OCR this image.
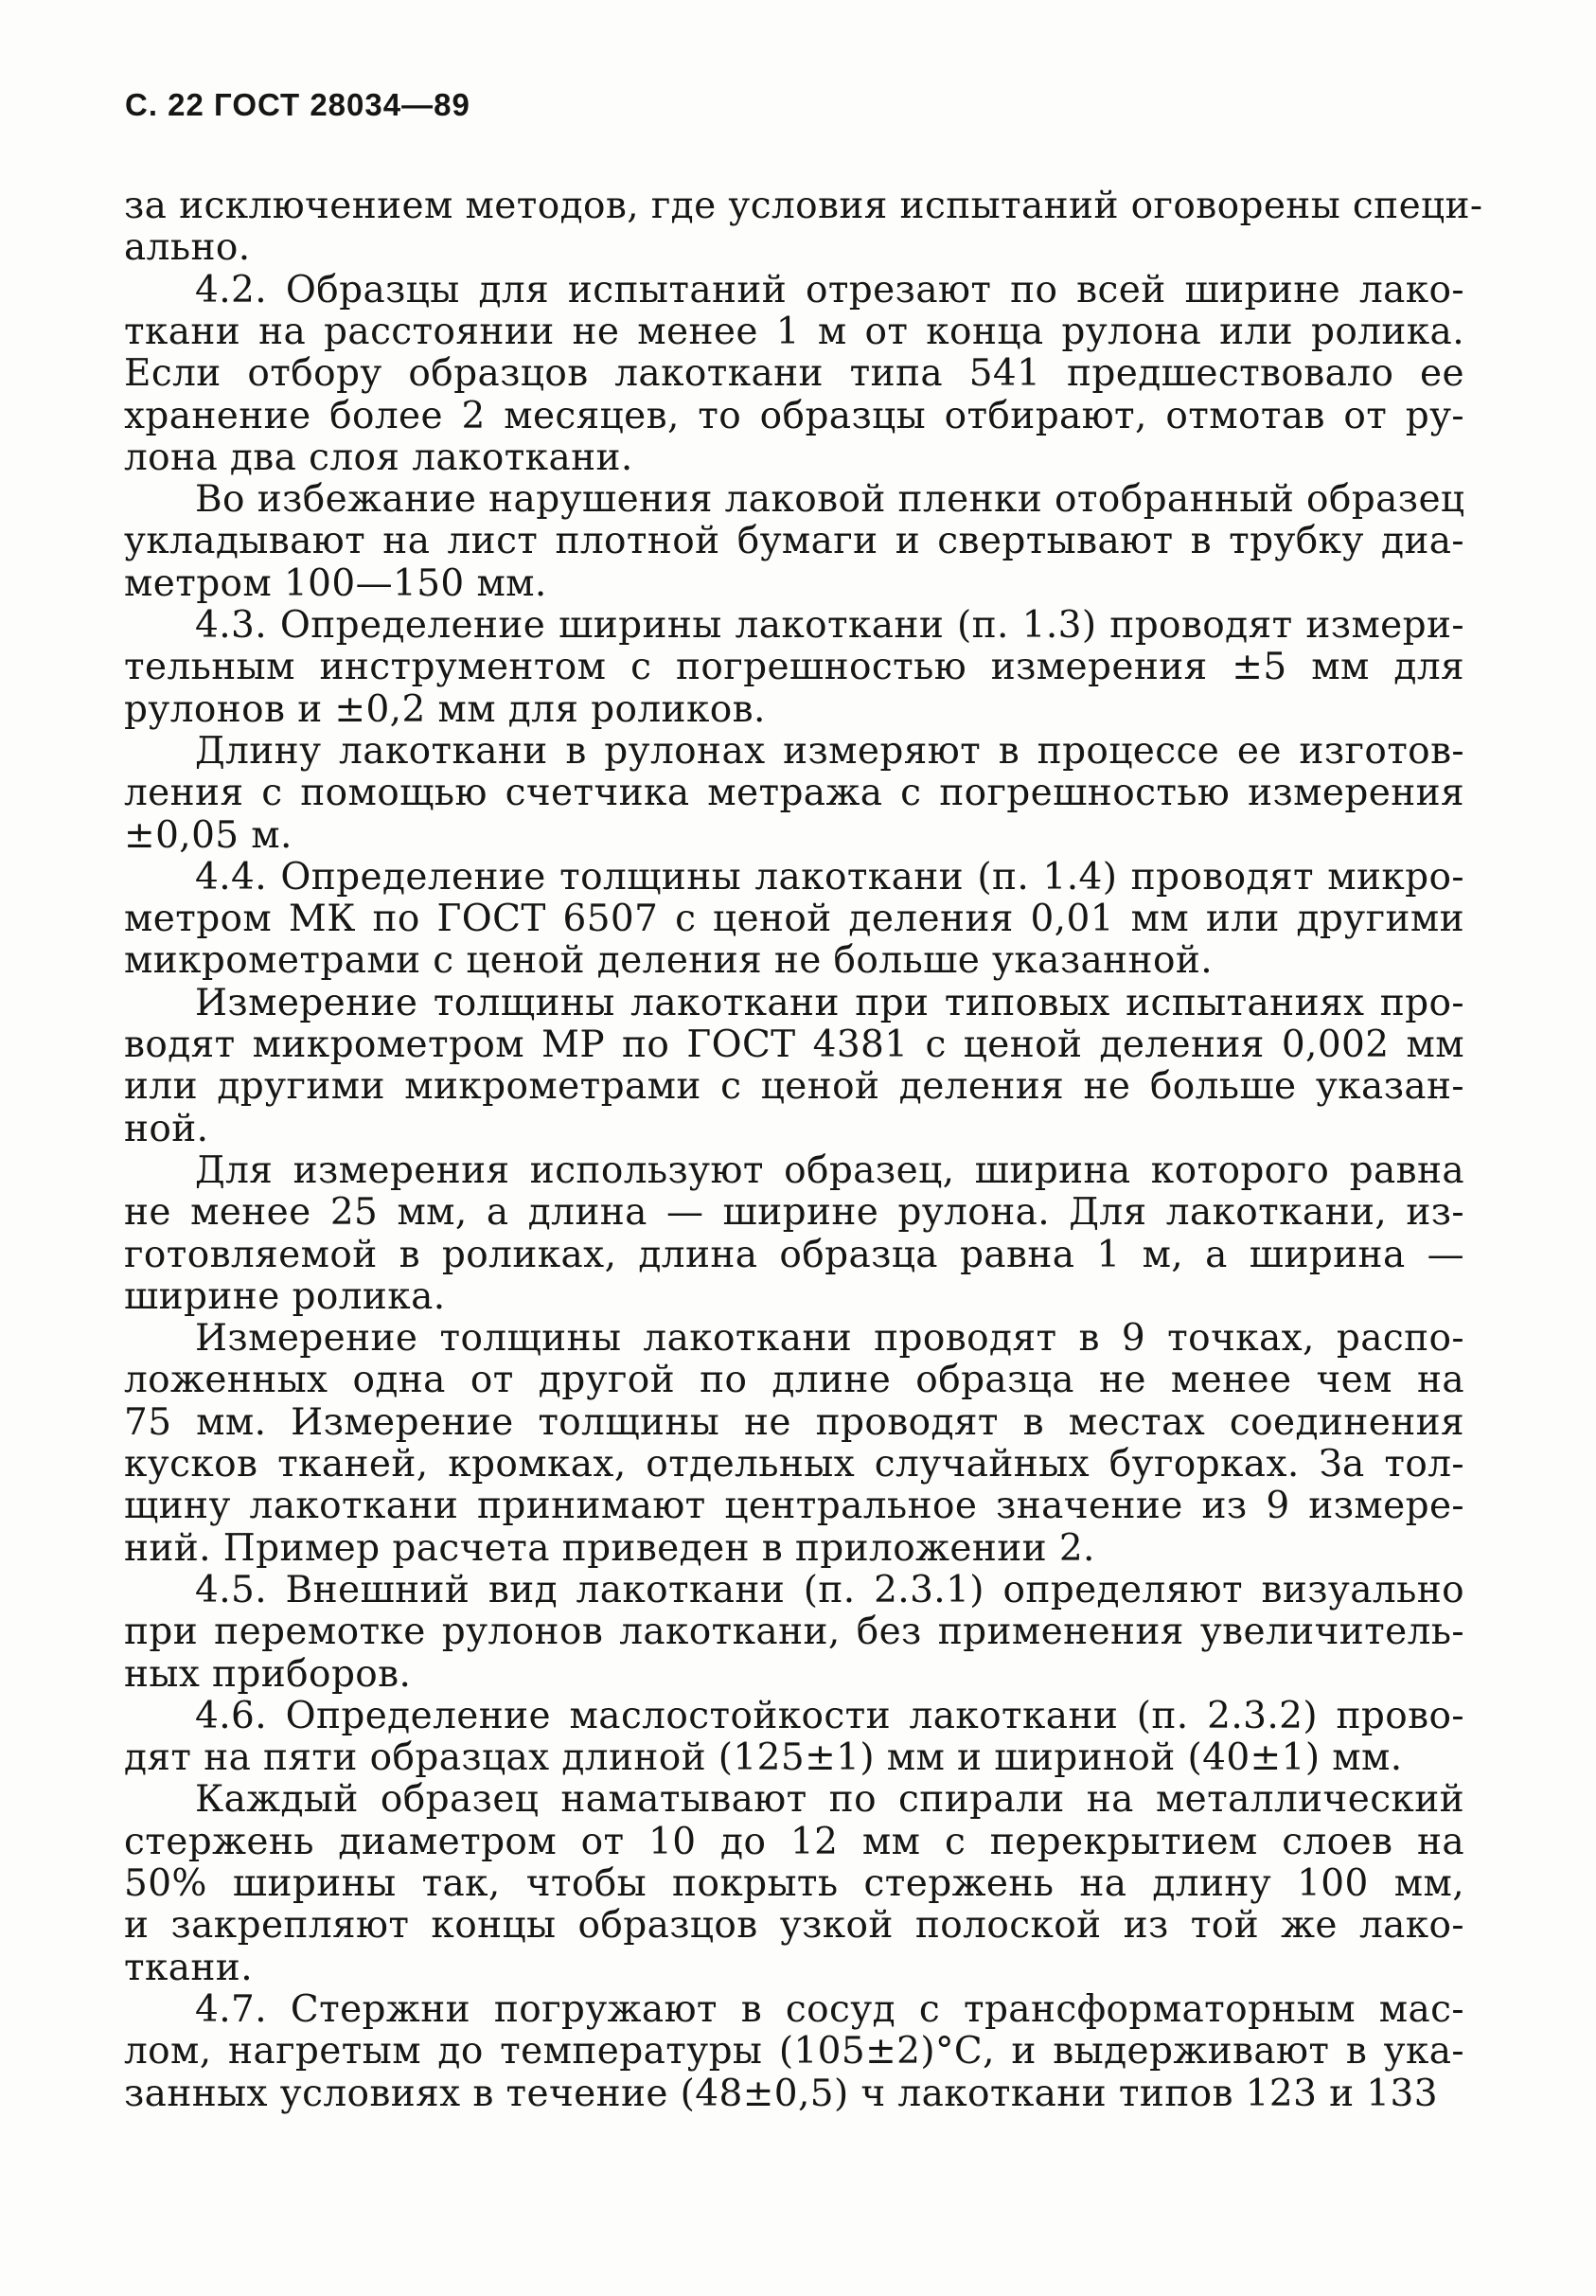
С. 22 ГОСТ 28034—89
за исключением методов, где условия испытаний оговорены специ-
ально.
4.2. Образцы для испытаний отрезают по всей ширине лако-
ткани на расстоянии не менее 1 м от конца рулона или ролика.
Если отбору образцов лакоткани типа 541 предшествовало ее
хранение более 2 месяцев, то образцы отбирают, отмотав от ру-
лона два слоя лакоткани.
Во избежание нарушения лаковой пленки отобранный образец
укладывают на лист плотной бумаги и свертывают в трубку диа-
метром 100—150 мм.
4.3. Определение ширины лакоткани (п. 1.3) проводят измери-
тельным инструментом с погрешностью измерения ±5 мм для
рулонов и ±0,2 мм для роликов.
Длину лакоткани в рулонах измеряют в процессе ее изготов-
ления с помощью счетчика метража с погрешностью измерения
±0,05 м.
4.4. Определение толщины лакоткани (п. 1.4) проводят микро-
метром МК по ГОСТ 6507 с ценой деления 0,01 мм или другими
микрометрами с ценой деления не больше указанной.
Измерение толщины лакоткани при типовых испытаниях про-
водят микрометром МР по ГОСТ 4381 с ценой деления 0,002 мм
или другими микрометрами с ценой деления не больше указан-
ной.
Для измерения используют образец, ширина которого равна
не менее 25 мм, а длина — ширине рулона. Для лакоткани, из-
готовляемой в роликах, длина образца равна 1 м, а ширина —
ширине ролика.
Измерение толщины лакоткани проводят в 9 точках, распо-
ложенных одна от другой по длине образца не менее чем на
75 мм. Измерение толщины не проводят в местах соединения
кусков тканей, кромках, отдельных случайных бугорках. За тол-
щину лакоткани принимают центральное значение из 9 измере-
ний. Пример расчета приведен в приложении 2.
4.5. Внешний вид лакоткани (п. 2.3.1) определяют визуально
при перемотке рулонов лакоткани, без применения увеличитель-
ных приборов.
4.6. Определение маслостойкости лакоткани (п. 2.3.2) прово-
дят на пяти образцах длиной (125±1) мм и шириной (40±1) мм.
Каждый образец наматывают по спирали на металлический
стержень диаметром от 10 до 12 мм с перекрытием слоев на
50% ширины так, чтобы покрыть стержень на длину 100 мм,
и закрепляют концы образцов узкой полоской из той же лако-
ткани.
4.7. Стержни погружают в сосуд с трансформаторным мас-
лом, нагретым до температуры (105±2)°С, и выдерживают в ука-
занных условиях в течение (48±0,5) ч лакоткани типов 123 и 133
